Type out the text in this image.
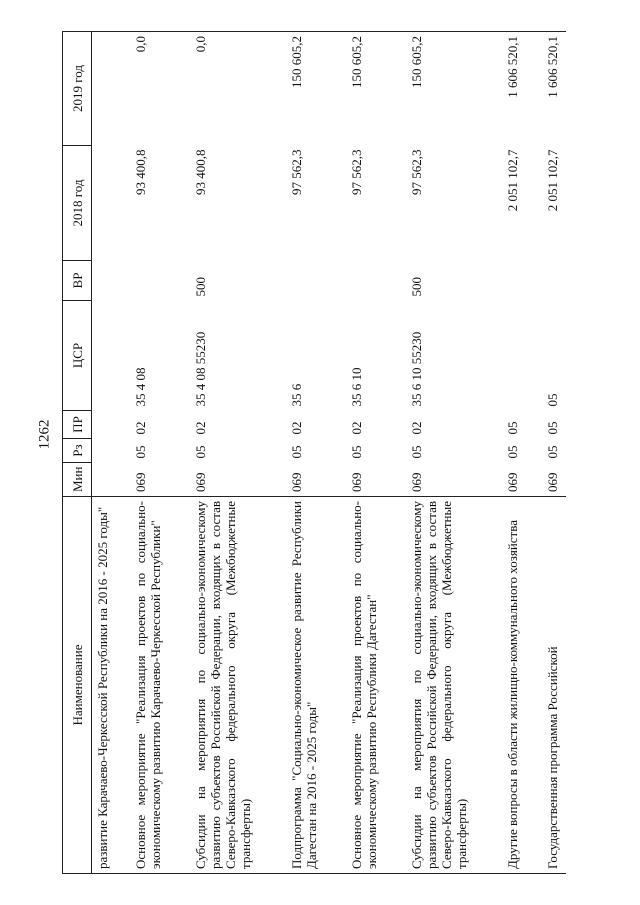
1262
Наименование	Мин	Рз	ПР	ЦСР	ВР	2018 год	2019 год
развитие Карачаево-Черкесской Республики на 2016 - 2025 годы"							
Основное мероприятие "Реализация проектов по социально-экономическому развитию Карачаево-Черкесской Республики"	069	05	02	35 4 08		93 400,8	0,0
Субсидии на мероприятия по социально-экономическому развитию субъектов Российской Федерации, входящих в состав Северо-Кавказского федерального округа (Межбюджетные трансферты)	069	05	02	35 4 08 55230	500	93 400,8	0,0
Подпрограмма "Социально-экономическое развитие Республики Дагестан на 2016 - 2025 годы"	069	05	02	35 6		97 562,3	150 605,2
Основное мероприятие "Реализация проектов по социально-экономическому развитию Республики Дагестан"	069	05	02	35 6 10		97 562,3	150 605,2
Субсидии на мероприятия по социально-экономическому развитию субъектов Российской Федерации, входящих в состав Северо-Кавказского федерального округа (Межбюджетные трансферты)	069	05	02	35 6 10 55230	500	97 562,3	150 605,2
Другие вопросы в области жилищно-коммунального хозяйства	069	05	05			2 051 102,7	1 606 520,1
Государственная программа Российской	069	05	05	05		2 051 102,7	1 606 520,1
